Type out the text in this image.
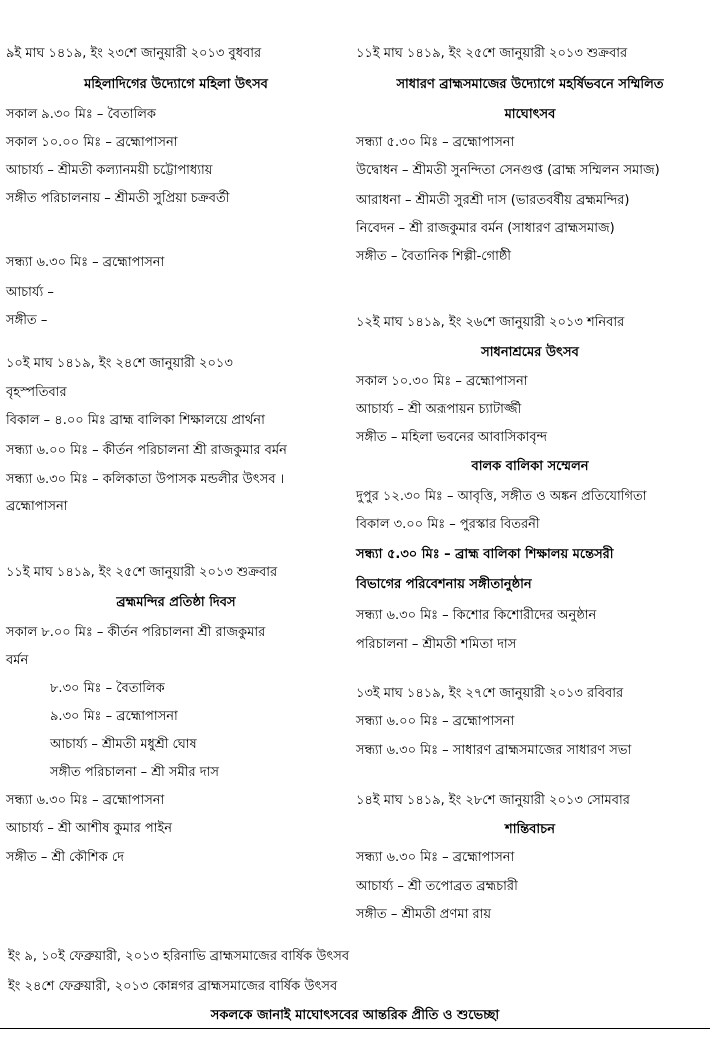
৯ই মাঘ ১৪১৯, ইং ২৩শে জানুয়ারী ২০১৩ বুধবার
মহিলাদিগের উদ্যোগে মহিলা উৎসব
সকাল ৯.৩০ মিঃ – বৈতালিক
সকাল ১০.০০ মিঃ – ব্রহ্মোপাসনা
আচার্য্য – শ্রীমতী কল্যানময়ী চট্টোপাধ্যায়
সঙ্গীত পরিচালনায় – শ্রীমতী সুপ্রিয়া চক্রবর্তী
সন্ধ্যা ৬.৩০ মিঃ – ব্রহ্মোপাসনা
আচার্য্য –
সঙ্গীত –
১০ই মাঘ ১৪১৯, ইং ২৪শে জানুয়ারী ২০১৩
বৃহস্পতিবার
বিকাল – ৪.০০ মিঃ ব্রাহ্ম বালিকা শিক্ষালয়ে প্রার্থনা
সন্ধ্যা ৬.০০ মিঃ – কীর্তন পরিচালনা শ্রী রাজকুমার বর্মন
সন্ধ্যা ৬.৩০ মিঃ – কলিকাতা উপাসক মন্ডলীর উৎসব ।
ব্রহ্মোপাসনা
১১ই মাঘ ১৪১৯, ইং ২৫শে জানুয়ারী ২০১৩ শুক্রবার
ব্রহ্মমন্দির প্রতিষ্ঠা দিবস
সকাল ৮.০০ মিঃ – কীর্তন পরিচালনা শ্রী রাজকুমার
বর্মন
৮.৩০ মিঃ – বৈতালিক
৯.৩০ মিঃ – ব্রহ্মোপাসনা
আচার্য্য – শ্রীমতী মধুশ্রী ঘোষ
সঙ্গীত পরিচালনা – শ্রী সমীর দাস
সন্ধ্যা ৬.৩০ মিঃ – ব্রহ্মোপাসনা
আচার্য্য – শ্রী আশীষ কুমার পাইন
সঙ্গীত – শ্রী কৌশিক দে
১১ই মাঘ ১৪১৯, ইং ২৫শে জানুয়ারী ২০১৩ শুক্রবার
সাধারণ ব্রাহ্মসমাজের উদ্যোগে মহর্ষিভবনে সম্মিলিত
মাঘোৎসব
সন্ধ্যা ৫.৩০ মিঃ – ব্রহ্মোপাসনা
উদ্বোধন – শ্রীমতী সুনন্দিতা সেনগুপ্ত (ব্রাহ্ম সম্মিলন সমাজ)
আরাধনা – শ্রীমতী সুরশ্রী দাস (ভারতবর্ষীয় ব্রহ্মমন্দির)
নিবেদন – শ্রী রাজকুমার বর্মন (সাধারণ ব্রাহ্মসমাজ)
সঙ্গীত – বৈতানিক শিল্পী-গোষ্ঠী
১২ই মাঘ ১৪১৯, ইং ২৬শে জানুয়ারী ২০১৩ শনিবার
সাধনাশ্রমের উৎসব
সকাল ১০.৩০ মিঃ – ব্রহ্মোপাসনা
আচার্য্য – শ্রী অরূপায়ন চ্যাটার্জ্জী
সঙ্গীত – মহিলা ভবনের আবাসিকাবৃন্দ
বালক বালিকা সম্মেলন
দুপুর ১২.৩০ মিঃ – আবৃত্তি, সঙ্গীত ও অঙ্কন প্রতিযোগিতা
বিকাল ৩.০০ মিঃ – পুরস্কার বিতরনী
সন্ধ্যা ৫.৩০ মিঃ – ব্রাহ্ম বালিকা শিক্ষালয় মন্তেসরী
বিভাগের পরিবেশনায় সঙ্গীতানুষ্ঠান
সন্ধ্যা ৬.৩০ মিঃ – কিশোর কিশোরীদের অনুষ্ঠান
পরিচালনা – শ্রীমতী শমিতা দাস
১৩ই মাঘ ১৪১৯, ইং ২৭শে জানুয়ারী ২০১৩ রবিবার
সন্ধ্যা ৬.০০ মিঃ – ব্রহ্মোপাসনা
সন্ধ্যা ৬.৩০ মিঃ – সাধারণ ব্রাহ্মসমাজের সাধারণ সভা
১৪ই মাঘ ১৪১৯, ইং ২৮শে জানুয়ারী ২০১৩ সোমবার
শান্তিবাচন
সন্ধ্যা ৬.৩০ মিঃ – ব্রহ্মোপাসনা
আচার্য্য – শ্রী তপোব্রত ব্রহ্মচারী
সঙ্গীত – শ্রীমতী প্রণমা রায়
ইং ৯, ১০ই ফেব্রুয়ারী, ২০১৩ হরিনাভি ব্রাহ্মসমাজের বার্ষিক উৎসব
ইং ২৪শে ফেব্রুয়ারী, ২০১৩ কোন্নগর ব্রাহ্মসমাজের বার্ষিক উৎসব
সকলকে জানাই মাঘোৎসবের আন্তরিক প্রীতি ও শুভেচ্ছা
